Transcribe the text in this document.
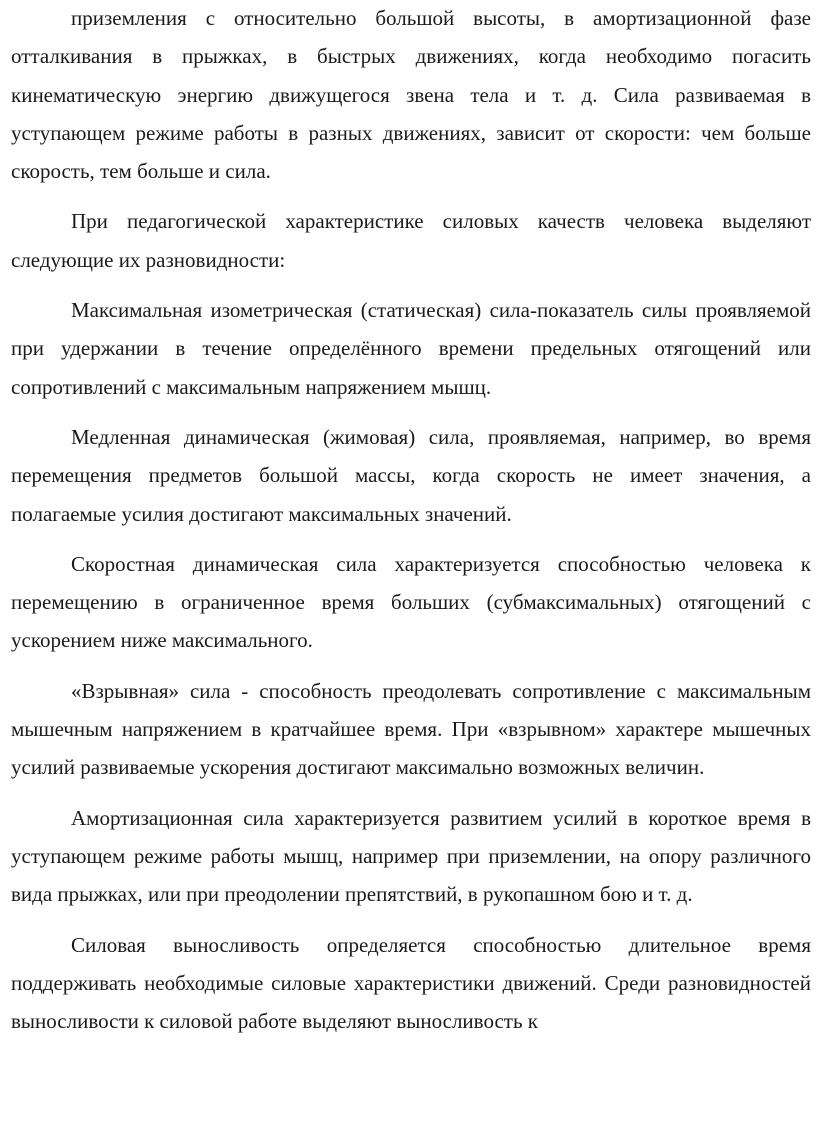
приземления с относительно большой высоты, в амортизационной фазе отталкивания в прыжках, в быстрых движениях, когда необходимо погасить кинематическую энергию движущегося звена тела и т. д. Сила развиваемая в уступающем режиме работы в разных движениях, зависит от скорости: чем больше скорость, тем больше и сила.

При педагогической характеристике силовых качеств человека выделяют следующие их разновидности:

Максимальная изометрическая (статическая) сила-показатель силы проявляемой при удержании в течение определённого времени предельных отягощений или сопротивлений с максимальным напряжением мышц.

Медленная динамическая (жимовая) сила, проявляемая, например, во время перемещения предметов большой массы, когда скорость не имеет значения, а полагаемые усилия достигают максимальных значений.

Скоростная динамическая сила характеризуется способностью человека к перемещению в ограниченное время больших (субмаксимальных) отягощений с ускорением ниже максимального.

«Взрывная» сила - способность преодолевать сопротивление с максимальным мышечным напряжением в кратчайшее время. При «взрывном» характере мышечных усилий развиваемые ускорения достигают максимально возможных величин.

Амортизационная сила характеризуется развитием усилий в короткое время в уступающем режиме работы мышц, например при приземлении, на опору различного вида прыжках, или при преодолении препятствий, в рукопашном бою и т. д.

Силовая выносливость определяется способностью длительное время поддерживать необходимые силовые характеристики движений. Среди разновидностей выносливости к силовой работе выделяют выносливость к
